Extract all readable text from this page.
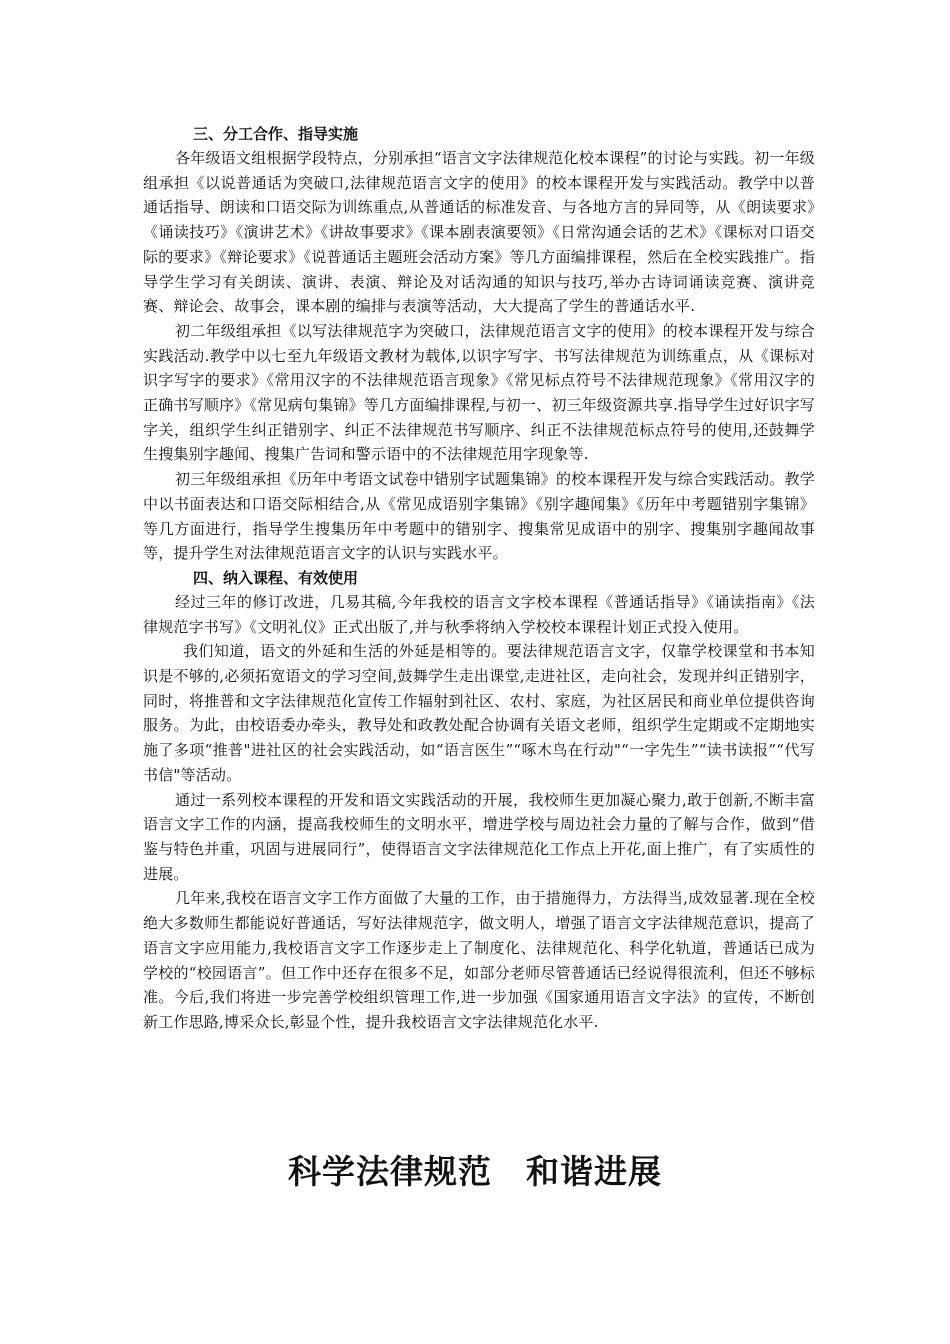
三、分工合作、指导实施

各年级语文组根据学段特点，分别承担“语言文字法律规范化校本课程”的讨论与实践。初一年级组承担《以说普通话为突破口,法律规范语言文字的使用》的校本课程开发与实践活动。教学中以普通话指导、朗读和口语交际为训练重点,从普通话的标准发音、与各地方言的异同等，从《朗读要求》《诵读技巧》《演讲艺术》《讲故事要求》《课本剧表演要领》《日常沟通会话的艺术》《课标对口语交际的要求》《辩论要求》《说普通话主题班会活动方案》等几方面编排课程，然后在全校实践推广。指导学生学习有关朗读、演讲、表演、辩论及对话沟通的知识与技巧,举办古诗词诵读竞赛、演讲竞赛、辩论会、故事会，课本剧的编排与表演等活动，大大提高了学生的普通话水平.

初二年级组承担《以写法律规范字为突破口，法律规范语言文字的使用》的校本课程开发与综合实践活动.教学中以七至九年级语文教材为载体,以识字写字、书写法律规范为训练重点，从《课标对识字写字的要求》《常用汉字的不法律规范语言现象》《常见标点符号不法律规范现象》《常用汉字的正确书写顺序》《常见病句集锦》等几方面编排课程,与初一、初三年级资源共享.指导学生过好识字写字关，组织学生纠正错别字、纠正不法律规范书写顺序、纠正不法律规范标点符号的使用,还鼓舞学生搜集别字趣闻、搜集广告词和警示语中的不法律规范用字现象等.

初三年级组承担《历年中考语文试卷中错别字试题集锦》的校本课程开发与综合实践活动。教学中以书面表达和口语交际相结合,从《常见成语别字集锦》《别字趣闻集》《历年中考题错别字集锦》等几方面进行，指导学生搜集历年中考题中的错别字、搜集常见成语中的别字、搜集别字趣闻故事等，提升学生对法律规范语言文字的认识与实践水平。

四、纳入课程、有效使用

经过三年的修订改进，几易其稿,今年我校的语言文字校本课程《普通话指导》《诵读指南》《法律规范字书写》《文明礼仪》正式出版了,并与秋季将纳入学校校本课程计划正式投入使用。

我们知道，语文的外延和生活的外延是相等的。要法律规范语言文字，仅靠学校课堂和书本知识是不够的,必须拓宽语文的学习空间,鼓舞学生走出课堂,走进社区，走向社会，发现并纠正错别字，同时，将推普和文字法律规范化宣传工作辐射到社区、农村、家庭，为社区居民和商业单位提供咨询服务。为此，由校语委办牵头，教导处和政教处配合协调有关语文老师，组织学生定期或不定期地实施了多项“推普"进社区的社会实践活动，如“语言医生”“啄木鸟在行动"“一字先生”“读书读报”“代写书信"等活动。

通过一系列校本课程的开发和语文实践活动的开展，我校师生更加凝心聚力,敢于创新,不断丰富语言文字工作的内涵，提高我校师生的文明水平，增进学校与周边社会力量的了解与合作，做到“借鉴与特色并重，巩固与进展同行”，使得语言文字法律规范化工作点上开花,面上推广，有了实质性的进展。

几年来,我校在语言文字工作方面做了大量的工作，由于措施得力，方法得当,成效显著.现在全校绝大多数师生都能说好普通话，写好法律规范字，做文明人，增强了语言文字法律规范意识，提高了语言文字应用能力,我校语言文字工作逐步走上了制度化、法律规范化、科学化轨道，普通话已成为学校的“校园语言”。但工作中还存在很多不足，如部分老师尽管普通话已经说得很流利，但还不够标准。今后,我们将进一步完善学校组织管理工作,进一步加强《国家通用语言文字法》的宣传，不断创新工作思路,博采众长,彰显个性，提升我校语言文字法律规范化水平.

科学法律规范　和谐进展
